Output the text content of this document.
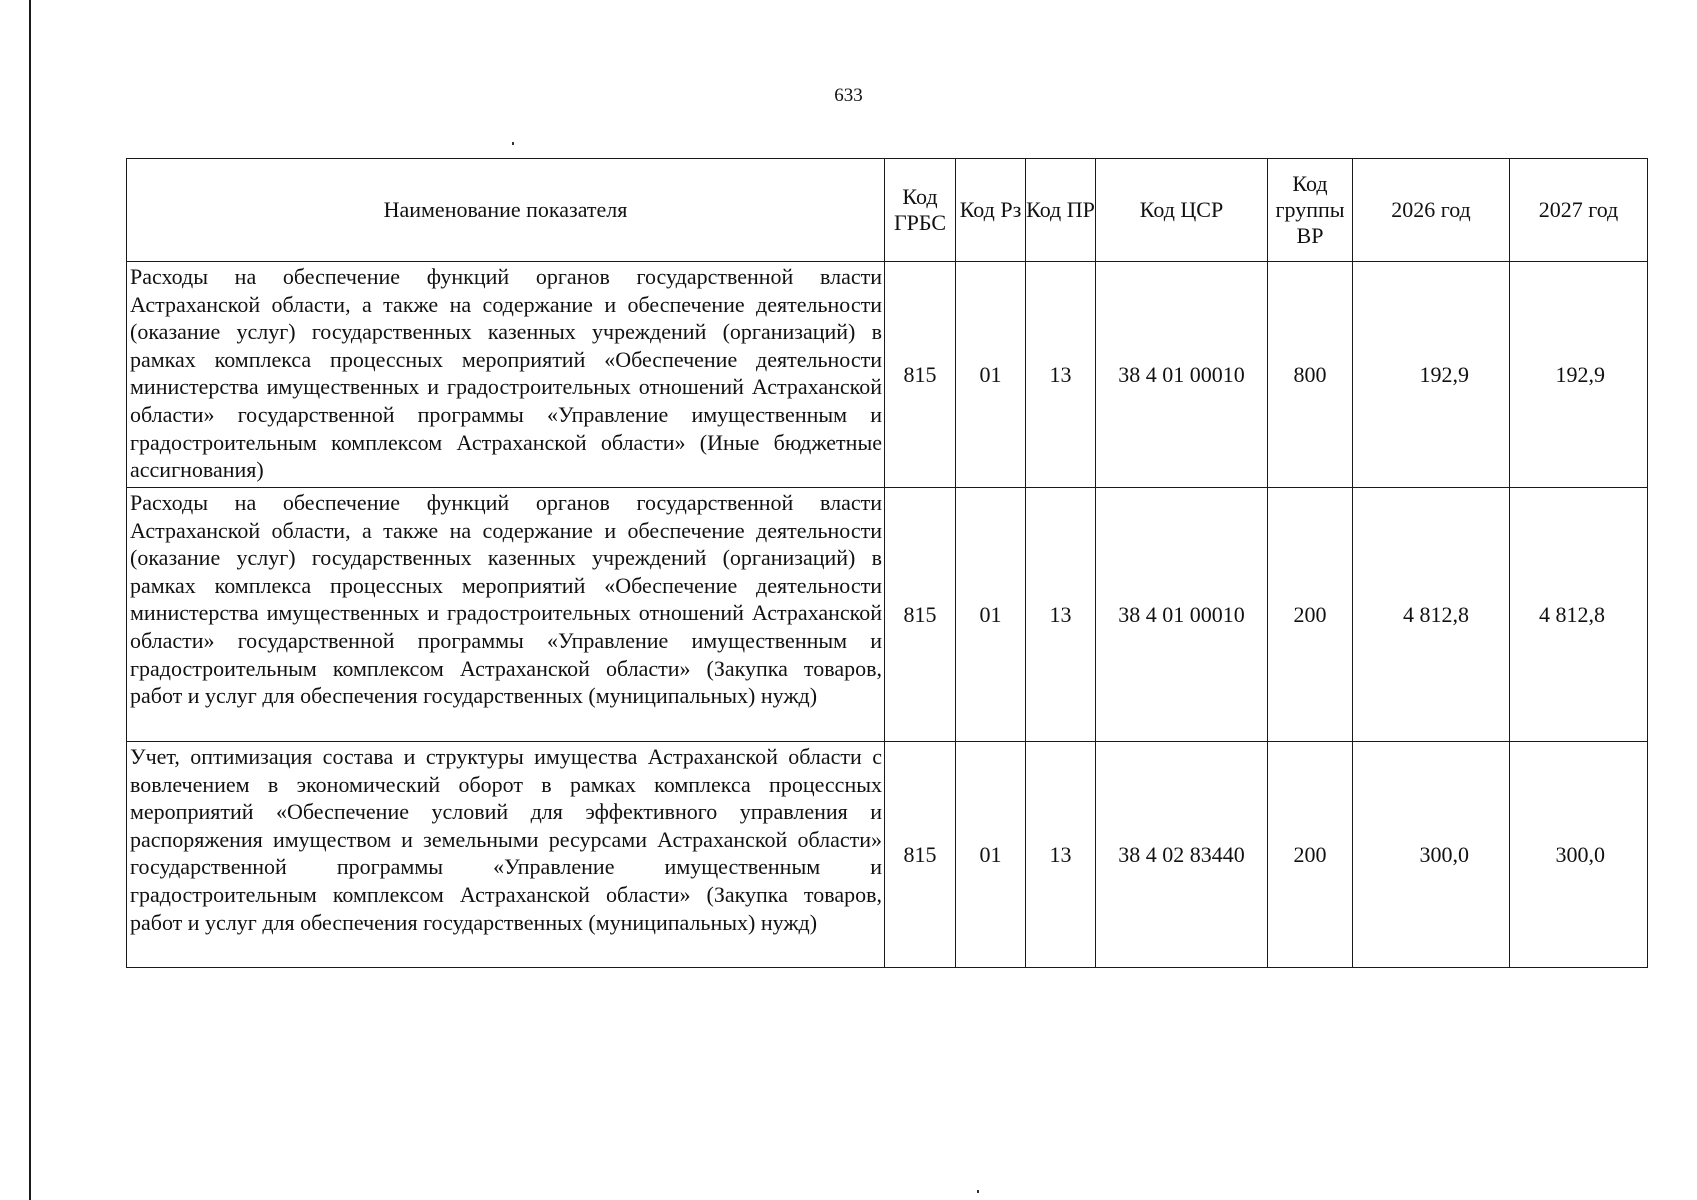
633
Наименование показателя	Код ГРБС	Код Рз	Код ПР	Код ЦСР	Код группы ВР	2026 год	2027 год
Расходы на обеспечение функций органов государственной власти Астраханской области, а также на содержание и обеспечение деятельности (оказание услуг) государственных казенных учреждений (организаций) в рамках комплекса процессных мероприятий «Обеспечение деятельности министерства имущественных и градостроительных отношений Астраханской области» государственной программы «Управление имущественным и градостроительным комплексом Астраханской области» (Иные бюджетные ассигнования)	815	01	13	38 4 01 00010	800	192,9	192,9
Расходы на обеспечение функций органов государственной власти Астраханской области, а также на содержание и обеспечение деятельности (оказание услуг) государственных казенных учреждений (организаций) в рамках комплекса процессных мероприятий «Обеспечение деятельности министерства имущественных и градостроительных отношений Астраханской области» государственной программы «Управление имущественным и градостроительным комплексом Астраханской области» (Закупка товаров, работ и услуг для обеспечения государственных (муниципальных) нужд)	815	01	13	38 4 01 00010	200	4 812,8	4 812,8
Учет, оптимизация состава и структуры имущества Астраханской области с вовлечением в экономический оборот в рамках комплекса процессных мероприятий «Обеспечение условий для эффективного управления и распоряжения имуществом и земельными ресурсами Астраханской области» государственной программы «Управление имущественным и градостроительным комплексом Астраханской области» (Закупка товаров, работ и услуг для обеспечения государственных (муниципальных) нужд)	815	01	13	38 4 02 83440	200	300,0	300,0
